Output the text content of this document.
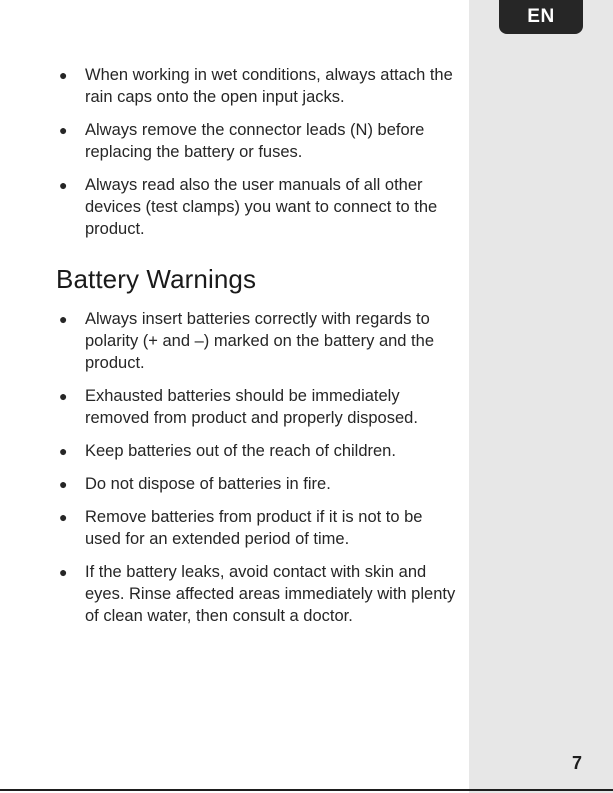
EN
● When working in wet conditions, always attach the rain caps onto the open input jacks.
● Always remove the connector leads (N) before replacing the battery or fuses.
● Always read also the user manuals of all other devices (test clamps) you want to connect to the product.
Battery Warnings
● Always insert batteries correctly with regards to polarity (+ and –) marked on the battery and the product.
● Exhausted batteries should be immediately removed from product and properly disposed.
● Keep batteries out of the reach of children.
● Do not dispose of batteries in fire.
● Remove batteries from product if it is not to be used for an extended period of time.
● If the battery leaks, avoid contact with skin and eyes. Rinse affected areas immediately with plenty of clean water, then consult a doctor.
7
